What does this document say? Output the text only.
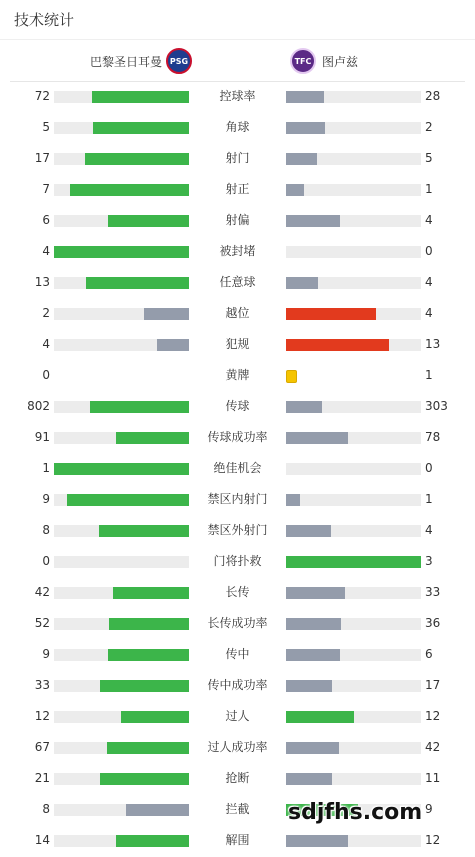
技术统计
巴黎圣日耳曼 PSG	TFC 图卢兹
72	控球率	28
5	角球	2
17	射门	5
7	射正	1
6	射偏	4
4	被封堵	0
13	任意球	4
2	越位	4
4	犯规	13
0	黄牌	1
802	传球	303
91	传球成功率	78
1	绝佳机会	0
9	禁区内射门	1
8	禁区外射门	4
0	门将扑救	3
42	长传	33
52	长传成功率	36
9	传中	6
33	传中成功率	17
12	过人	12
67	过人成功率	42
21	抢断	11
8	拦截	9
14	解围	12
sdjfhs.com
